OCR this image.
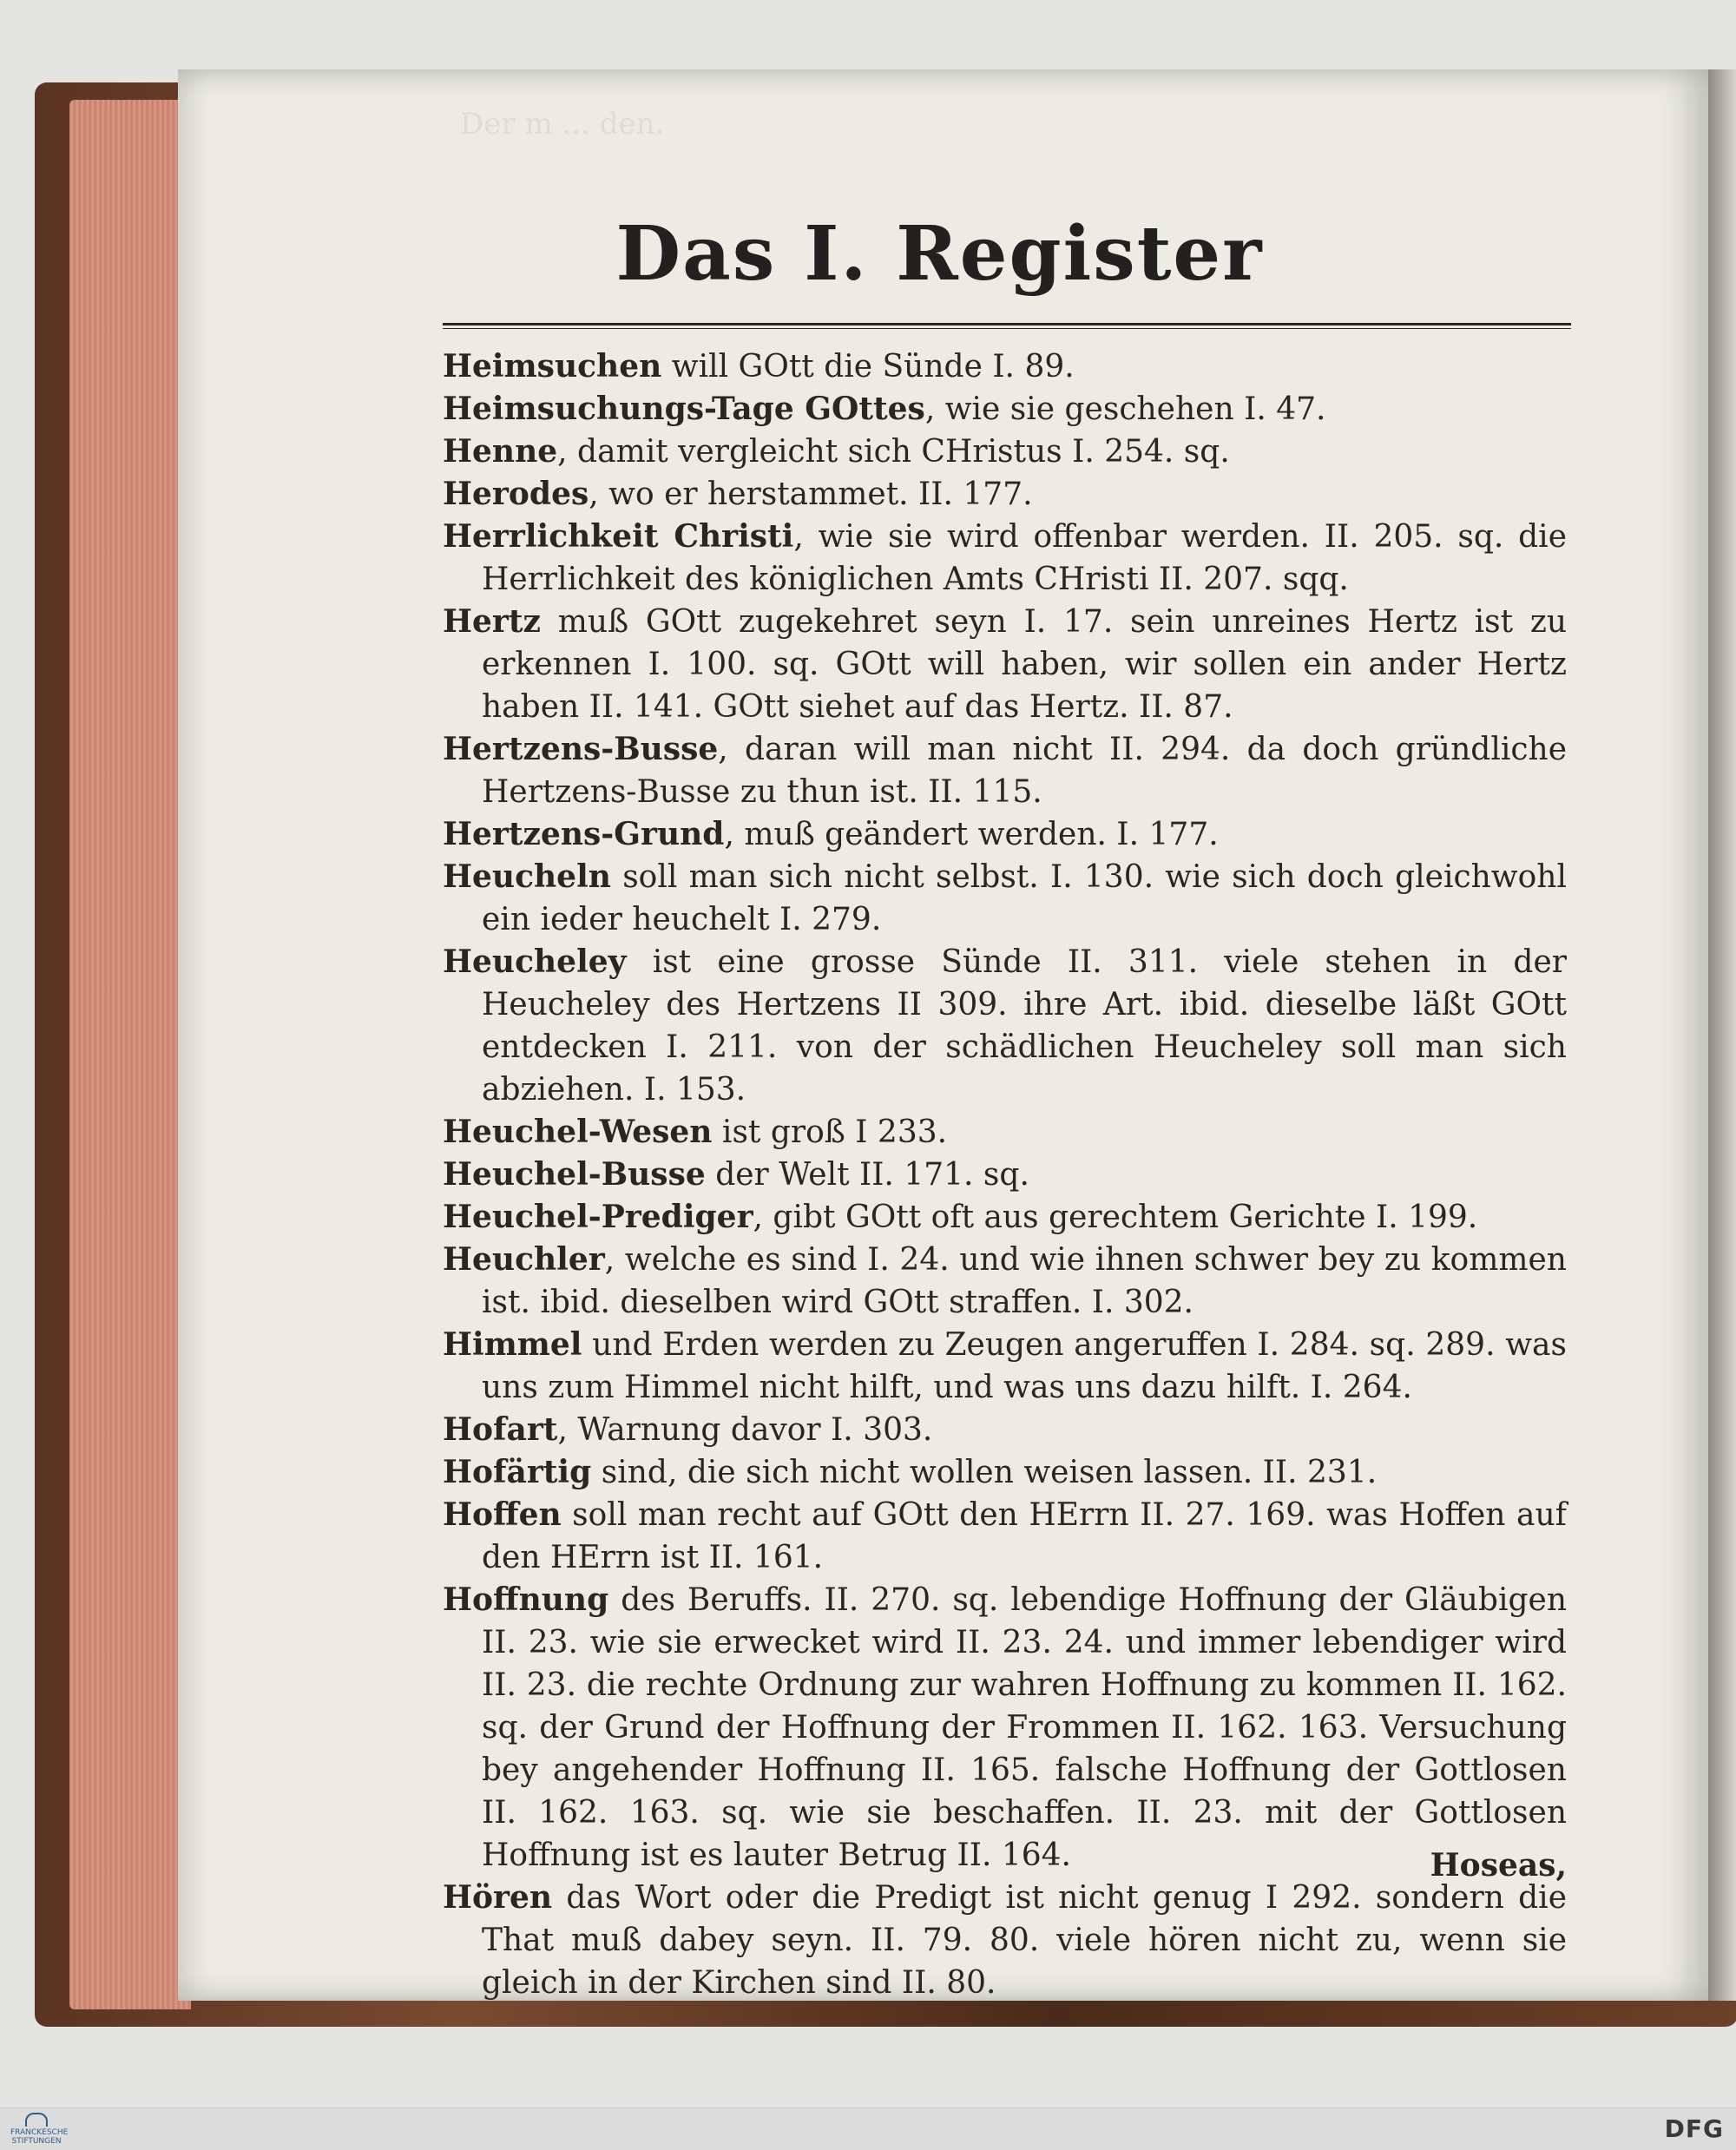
Das I. Register
Heimsuchen will GOtt die Sünde I. 89.
Heimsuchungs-Tage GOttes, wie sie geschehen I. 47.
Henne, damit vergleicht sich CHristus I. 254. sq.
Herodes, wo er herstammet. II. 177.
Herrlichkeit Christi, wie sie wird offenbar werden. II. 205. sq. die Herrlichkeit des königlichen Amts CHristi II. 207. sqq.
Hertz muß GOtt zugekehret seyn I. 17. sein unreines Hertz ist zu erkennen I. 100. sq. GOtt will haben, wir sollen ein ander Hertz haben II. 141. GOtt siehet auf das Hertz. II. 87.
Hertzens-Busse, daran will man nicht II. 294. da doch gründliche Hertzens-Busse zu thun ist. II. 115.
Hertzens-Grund, muß geändert werden. I. 177.
Heucheln soll man sich nicht selbst. I. 130. wie sich doch gleichwohl ein ieder heuchelt I. 279.
Heucheley ist eine grosse Sünde II. 311. viele stehen in der Heucheley des Hertzens II 309. ihre Art. ibid. dieselbe läßt GOtt entdecken I. 211. von der schädlichen Heucheley soll man sich abziehen. I. 153.
Heuchel-Wesen ist groß I 233.
Heuchel-Busse der Welt II. 171. sq.
Heuchel-Prediger, gibt GOtt oft aus gerechtem Gerichte I. 199.
Heuchler, welche es sind I. 24. und wie ihnen schwer bey zu kommen ist. ibid. dieselben wird GOtt straffen. I. 302.
Himmel und Erden werden zu Zeugen angeruffen I. 284. sq. 289. was uns zum Himmel nicht hilft, und was uns dazu hilft. I. 264.
Hofart, Warnung davor I. 303.
Hofärtig sind, die sich nicht wollen weisen lassen. II. 231.
Hoffen soll man recht auf GOtt den HErrn II. 27. 169. was Hoffen auf den HErrn ist II. 161.
Hoffnung des Beruffs. II. 270. sq. lebendige Hoffnung der Gläubigen II. 23. wie sie erwecket wird II. 23. 24. und immer lebendiger wird II. 23. die rechte Ordnung zur wahren Hoffnung zu kommen II. 162. sq. der Grund der Hoffnung der Frommen II. 162. 163. Versuchung bey angehender Hoffnung II. 165. falsche Hoffnung der Gottlosen II. 162. 163. sq. wie sie beschaffen. II. 23. mit der Gottlosen Hoffnung ist es lauter Betrug II. 164.
Hören das Wort oder die Predigt ist nicht genug I 292. sondern die That muß dabey seyn. II. 79. 80. viele hören nicht zu, wenn sie gleich in der Kirchen sind II. 80.
Hoseas,
FRANCKESCHE STIFTUNGEN	DFG
